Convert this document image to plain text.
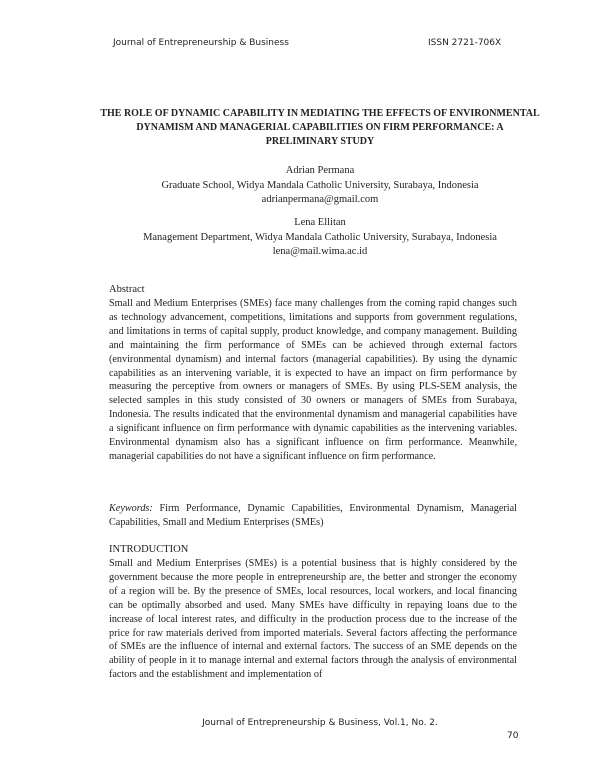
Journal of Entrepreneurship & Business	ISSN 2721-706X
THE ROLE OF DYNAMIC CAPABILITY IN MEDIATING THE EFFECTS OF ENVIRONMENTAL DYNAMISM AND MANAGERIAL CAPABILITIES ON FIRM PERFORMANCE: A PRELIMINARY STUDY
Adrian Permana
Graduate School, Widya Mandala Catholic University, Surabaya, Indonesia
adrianpermana@gmail.com
Lena Ellitan
Management Department, Widya Mandala Catholic University, Surabaya, Indonesia
lena@mail.wima.ac.id
Abstract
Small and Medium Enterprises (SMEs) face many challenges from the coming rapid changes such as technology advancement, competitions, limitations and supports from government regulations, and limitations in terms of capital supply, product knowledge, and company management. Building and maintaining the firm performance of SMEs can be achieved through external factors (environmental dynamism) and internal factors (managerial capabilities). By using the dynamic capabilities as an intervening variable, it is expected to have an impact on firm performance by measuring the perceptive from owners or managers of SMEs. By using PLS-SEM analysis, the selected samples in this study consisted of 30 owners or managers of SMEs from Surabaya, Indonesia. The results indicated that the environmental dynamism and managerial capabilities have a significant influence on firm performance with dynamic capabilities as the intervening variables. Environmental dynamism also has a significant influence on firm performance. Meanwhile, managerial capabilities do not have a significant influence on firm performance.
Keywords: Firm Performance, Dynamic Capabilities, Environmental Dynamism, Managerial Capabilities, Small and Medium Enterprises (SMEs)
INTRODUCTION
Small and Medium Enterprises (SMEs) is a potential business that is highly considered by the government because the more people in entrepreneurship are, the better and stronger the economy of a region will be. By the presence of SMEs, local resources, local workers, and local financing can be optimally absorbed and used. Many SMEs have difficulty in repaying loans due to the increase of local interest rates, and difficulty in the production process due to the increase of the price for raw materials derived from imported materials. Several factors affecting the performance of SMEs are the influence of internal and external factors. The success of an SME depends on the ability of people in it to manage internal and external factors through the analysis of environmental factors and the establishment and implementation of
Journal of Entrepreneurship & Business, Vol.1, No. 2.
70
